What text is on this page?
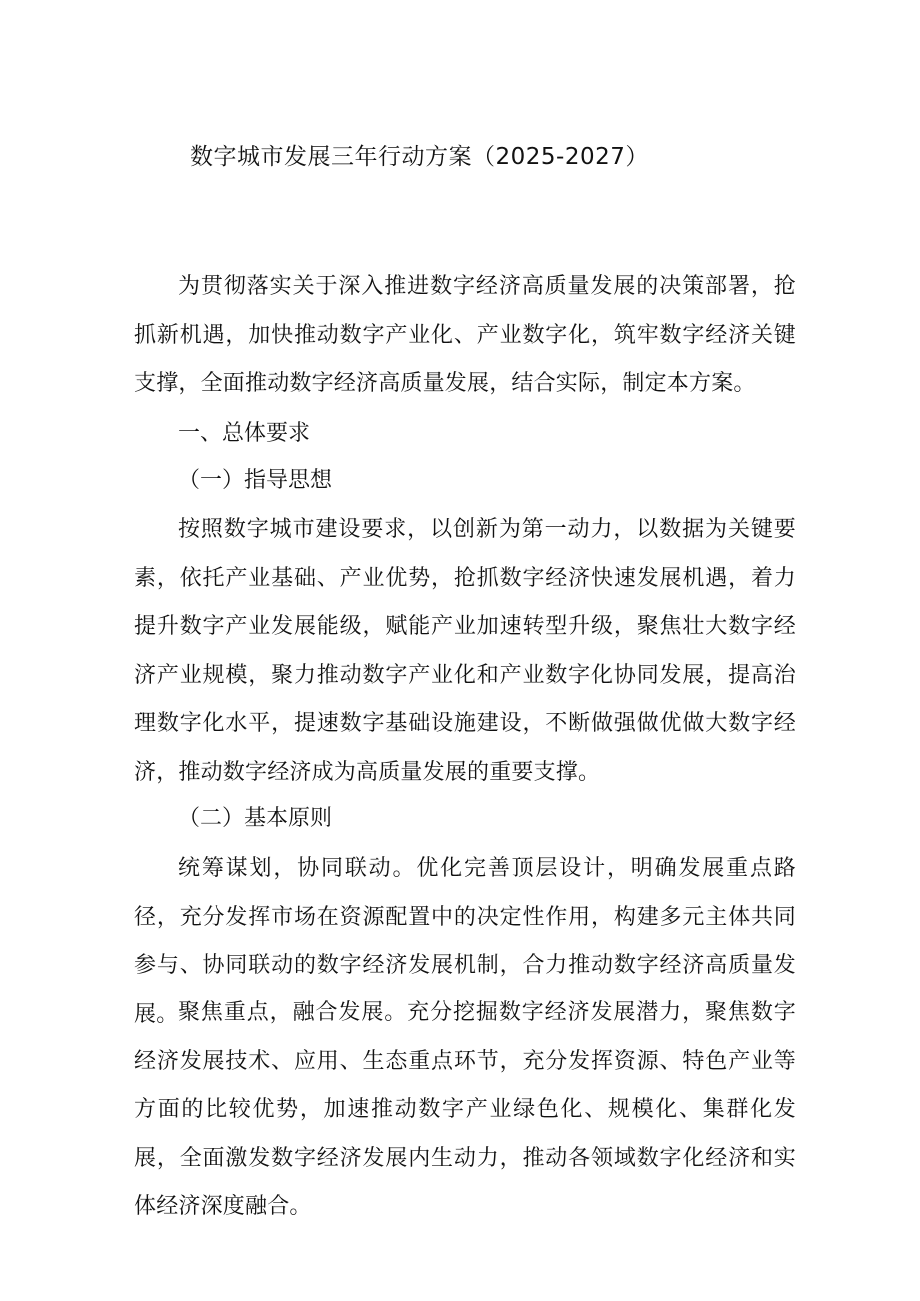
数字城市发展三年行动方案（2025-2027）

为贯彻落实关于深入推进数字经济高质量发展的决策部署，抢抓新机遇，加快推动数字产业化、产业数字化，筑牢数字经济关键支撑，全面推动数字经济高质量发展，结合实际，制定本方案。

一、总体要求
（一）指导思想

按照数字城市建设要求，以创新为第一动力，以数据为关键要素，依托产业基础、产业优势，抢抓数字经济快速发展机遇，着力提升数字产业发展能级，赋能产业加速转型升级，聚焦壮大数字经济产业规模，聚力推动数字产业化和产业数字化协同发展，提高治理数字化水平，提速数字基础设施建设，不断做强做优做大数字经济，推动数字经济成为高质量发展的重要支撑。

（二）基本原则

统筹谋划，协同联动。优化完善顶层设计，明确发展重点路径，充分发挥市场在资源配置中的决定性作用，构建多元主体共同参与、协同联动的数字经济发展机制，合力推动数字经济高质量发展。 聚焦重点，融合发展。充分挖掘数字经济发展潜力，聚焦数字经济发展技术、应用、生态重点环节，充分发挥资源、特色产业等方面的比较优势，加速推动数字产业绿色化、规模化、集群化发展，全面激发数字经济发展内生动力，推动各领域数字化经济和实体经济深度融合。
